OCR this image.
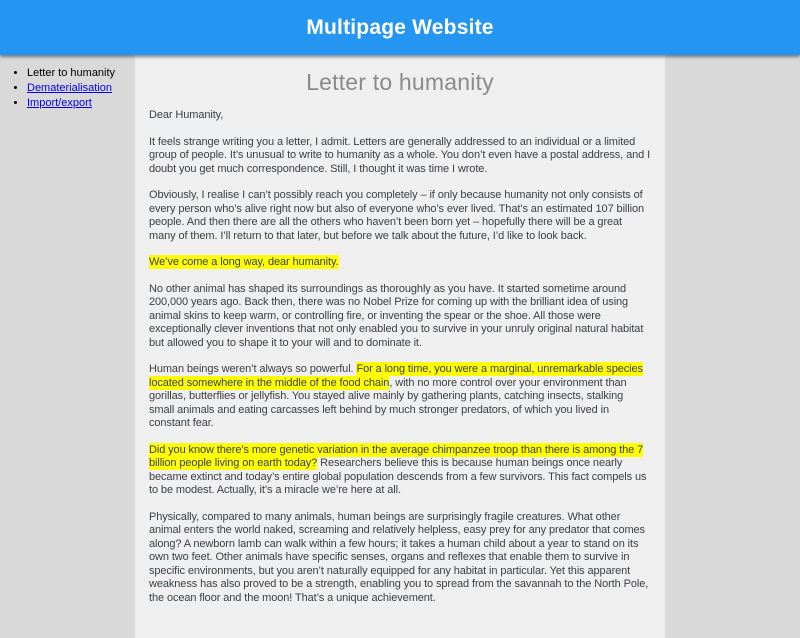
Multipage Website
• Letter to humanity
• Dematerialisation
• Import/export
Letter to humanity

Dear Humanity,

It feels strange writing you a letter, I admit. Letters are generally addressed to an individual or a limited group of people. It’s unusual to write to humanity as a whole. You don’t even have a postal address, and I doubt you get much correspondence. Still, I thought it was time I wrote.

Obviously, I realise I can’t possibly reach you completely – if only because humanity not only consists of every person who’s alive right now but also of everyone who’s ever lived. That’s an estimated 107 billion people. And then there are all the others who haven’t been born yet – hopefully there will be a great many of them. I’ll return to that later, but before we talk about the future, I’d like to look back.

We’ve come a long way, dear humanity.

No other animal has shaped its surroundings as thoroughly as you have. It started sometime around 200,000 years ago. Back then, there was no Nobel Prize for coming up with the brilliant idea of using animal skins to keep warm, or controlling fire, or inventing the spear or the shoe. All those were exceptionally clever inventions that not only enabled you to survive in your unruly original natural habitat but allowed you to shape it to your will and to dominate it.

Human beings weren’t always so powerful. For a long time, you were a marginal, unremarkable species located somewhere in the middle of the food chain, with no more control over your environment than gorillas, butterflies or jellyfish. You stayed alive mainly by gathering plants, catching insects, stalking small animals and eating carcasses left behind by much stronger predators, of which you lived in constant fear.

Did you know there’s more genetic variation in the average chimpanzee troop than there is among the 7 billion people living on earth today? Researchers believe this is because human beings once nearly became extinct and today’s entire global population descends from a few survivors. This fact compels us to be modest. Actually, it’s a miracle we’re here at all.

Physically, compared to many animals, human beings are surprisingly fragile creatures. What other animal enters the world naked, screaming and relatively helpless, easy prey for any predator that comes along? A newborn lamb can walk within a few hours; it takes a human child about a year to stand on its own two feet. Other animals have specific senses, organs and reflexes that enable them to survive in specific environments, but you aren’t naturally equipped for any habitat in particular. Yet this apparent weakness has also proved to be a strength, enabling you to spread from the savannah to the North Pole, the ocean floor and the moon! That’s a unique achievement.
